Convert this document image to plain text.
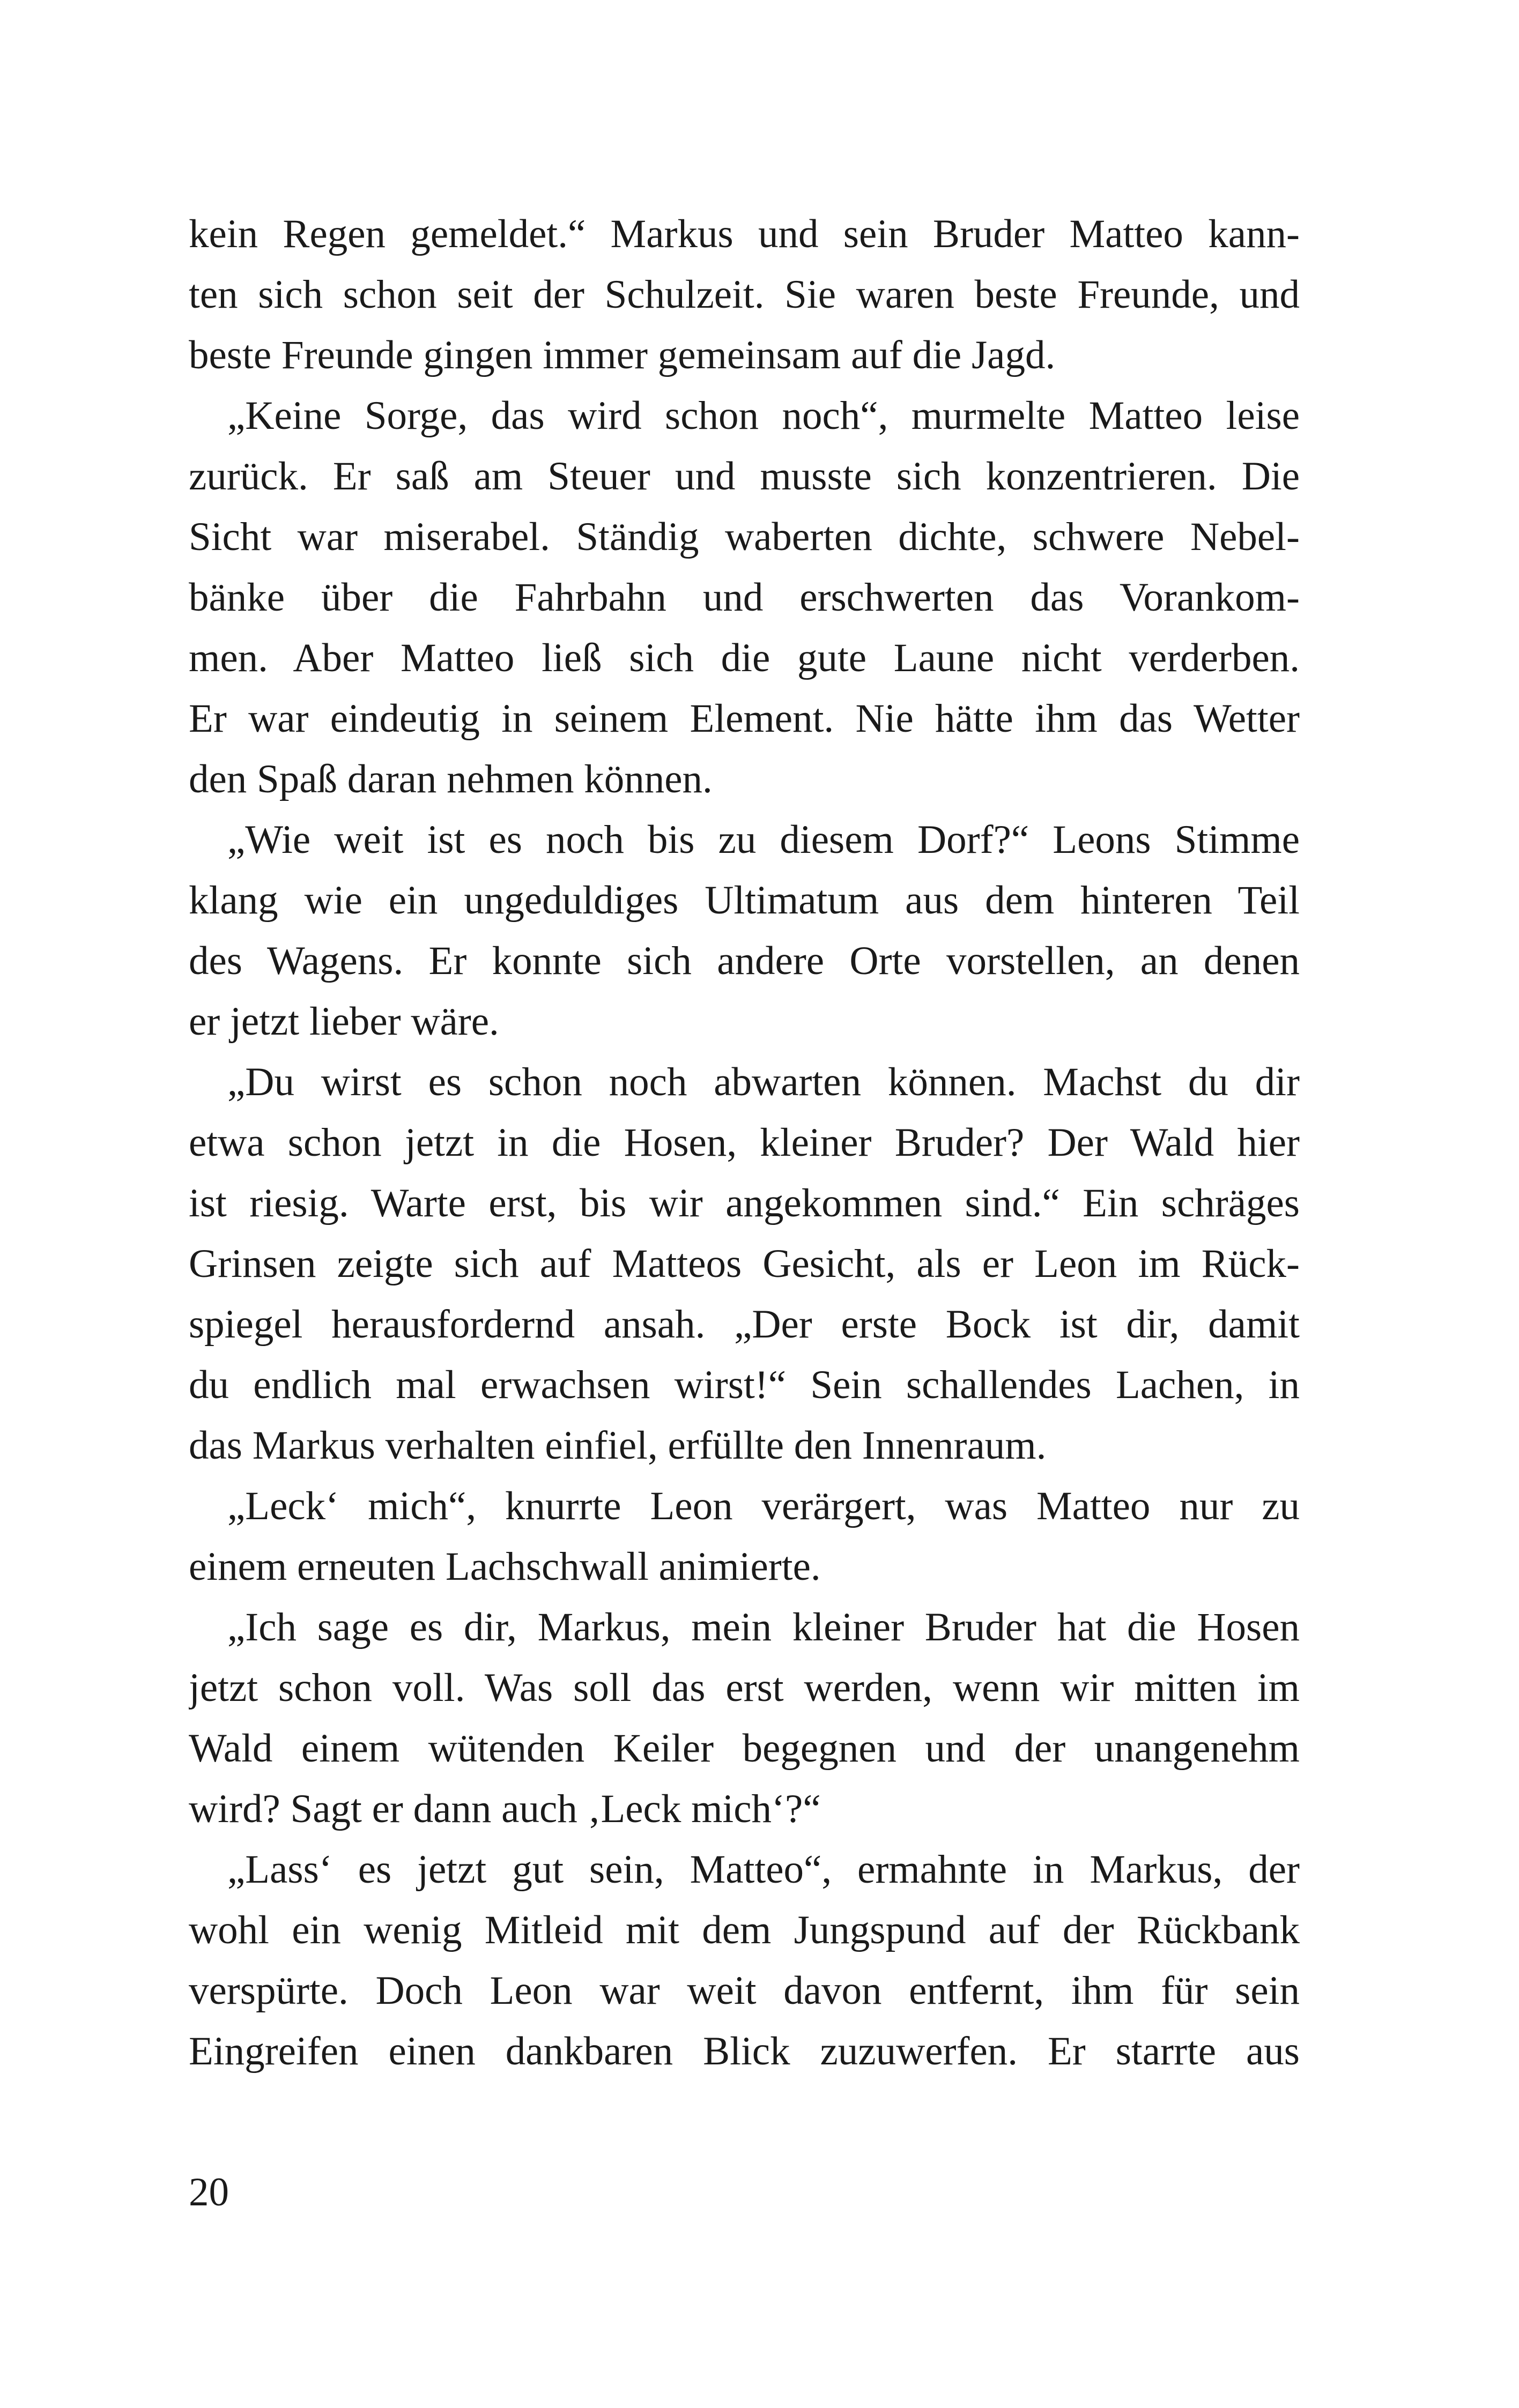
kein Regen gemeldet.“ Markus und sein Bruder Matteo kann-
ten sich schon seit der Schulzeit. Sie waren beste Freunde, und
beste Freunde gingen immer gemeinsam auf die Jagd.
„Keine Sorge, das wird schon noch“, murmelte Matteo leise
zurück. Er saß am Steuer und musste sich konzentrieren. Die
Sicht war miserabel. Ständig waberten dichte, schwere Nebel-
bänke über die Fahrbahn und erschwerten das Vorankom-
men. Aber Matteo ließ sich die gute Laune nicht verderben.
Er war eindeutig in seinem Element. Nie hätte ihm das Wetter
den Spaß daran nehmen können.
„Wie weit ist es noch bis zu diesem Dorf?“ Leons Stimme
klang wie ein ungeduldiges Ultimatum aus dem hinteren Teil
des Wagens. Er konnte sich andere Orte vorstellen, an denen
er jetzt lieber wäre.
„Du wirst es schon noch abwarten können. Machst du dir
etwa schon jetzt in die Hosen, kleiner Bruder? Der Wald hier
ist riesig. Warte erst, bis wir angekommen sind.“ Ein schräges
Grinsen zeigte sich auf Matteos Gesicht, als er Leon im Rück-
spiegel herausfordernd ansah. „Der erste Bock ist dir, damit
du endlich mal erwachsen wirst!“ Sein schallendes Lachen, in
das Markus verhalten einfiel, erfüllte den Innenraum.
„Leck‘ mich“, knurrte Leon verärgert, was Matteo nur zu
einem erneuten Lachschwall animierte.
„Ich sage es dir, Markus, mein kleiner Bruder hat die Hosen
jetzt schon voll. Was soll das erst werden, wenn wir mitten im
Wald einem wütenden Keiler begegnen und der unangenehm
wird? Sagt er dann auch ‚Leck mich‘?“
„Lass‘ es jetzt gut sein, Matteo“, ermahnte in Markus, der
wohl ein wenig Mitleid mit dem Jungspund auf der Rückbank
verspürte. Doch Leon war weit davon entfernt, ihm für sein
Eingreifen einen dankbaren Blick zuzuwerfen. Er starrte aus
20
